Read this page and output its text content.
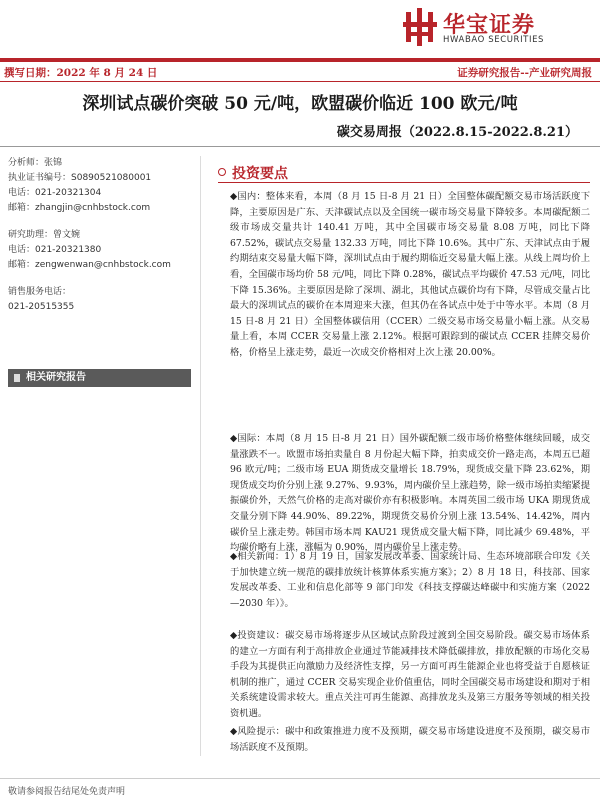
华宝证券
HWABAO SECURITIES
撰写日期：2022 年 8 月 24 日	证券研究报告--产业研究周报
深圳试点碳价突破 50 元/吨，欧盟碳价临近 100 欧元/吨
碳交易周报（2022.8.15-2022.8.21）
分析师：张锦
执业证书编号：S0890521080001
电话：021-20321304
邮箱：zhangjin@cnhbstock.com
研究助理：曾文婉
电话：021-20321380
邮箱：zengwenwan@cnhbstock.com
销售服务电话：
021-20515355
相关研究报告
投资要点
◆国内：整体来看，本周（8 月 15 日-8 月 21 日）全国整体碳配额交易市场活跃度下降，主要原因是广东、天津碳试点以及全国统一碳市场交易量下降较多。本周碳配额二级市场成交量共计 140.41 万吨，其中全国碳市场交易量 8.08 万吨，同比下降 67.52%，碳试点交易量 132.33 万吨，同比下降 10.6%。其中广东、天津试点由于履约期结束交易量大幅下降，深圳试点由于履约期临近交易量大幅上涨。从线上周均价上看，全国碳市场均价 58 元/吨，同比下降 0.28%，碳试点平均碳价 47.53 元/吨，同比下降 15.36%。主要原因是除了深圳、湖北，其他试点碳价均有下降，尽管成交量占比最大的深圳试点的碳价在本周迎来大涨，但其仍在各试点中处于中等水平。本周（8 月 15 日-8 月 21 日）全国整体碳信用（CCER）二级交易市场交易量小幅上涨。从交易量上看，本周 CCER 交易量上涨 2.12%。根据可跟踪到的碳试点 CCER 挂牌交易价格，价格呈上涨走势，最近一次成交价格相对上次上涨 20.00%。
◆国际：本周（8 月 15 日-8 月 21 日）国外碳配额二级市场价格整体继续回暖，成交量涨跌不一。欧盟市场拍卖量自 8 月份起大幅下降，拍卖成交价一路走高，本周五已超 96 欧元/吨；二级市场 EUA 期货成交量增长 18.79%，现货成交量下降 23.62%，期现货成交均价分别上涨 9.27%、9.93%，周内碳价呈上涨趋势，除一级市场拍卖缩紧提振碳价外，天然气价格的走高对碳价亦有积极影响。本周英国二级市场 UKA 期现货成交量分别下降 44.90%、89.22%，期现货交易价分别上涨 13.54%、14.42%，周内碳价呈上涨走势。韩国市场本周 KAU21 现货成交量大幅下降，同比减少 69.48%，平均碳价略有上涨，涨幅为 0.90%，周内碳价呈上涨走势。
◆相关新闻：1）8 月 19 日，国家发展改革委、国家统计局、生态环境部联合印发《关于加快建立统一规范的碳排放统计核算体系实施方案》；2）8 月 18 日，科技部、国家发展改革委、工业和信息化部等 9 部门印发《科技支撑碳达峰碳中和实施方案（2022—2030 年）》。
◆投资建议：碳交易市场将逐步从区域试点阶段过渡到全国交易阶段。碳交易市场体系的建立一方面有利于高排放企业通过节能减排技术降低碳排放，排放配额的市场化交易手段为其提供正向激励力及经济性支撑，另一方面可再生能源企业也将受益于自愿核证机制的推广，通过 CCER 交易实现企业价值重估，同时全国碳交易市场建设和期对于相关系统建设需求较大。重点关注可再生能源、高排放龙头及第三方服务等领域的相关投资机遇。
◆风险提示：碳中和政策推进力度不及预期，碳交易市场建设进度不及预期，碳交易市场活跃度不及预期。
敬请参阅报告结尾处免责声明
